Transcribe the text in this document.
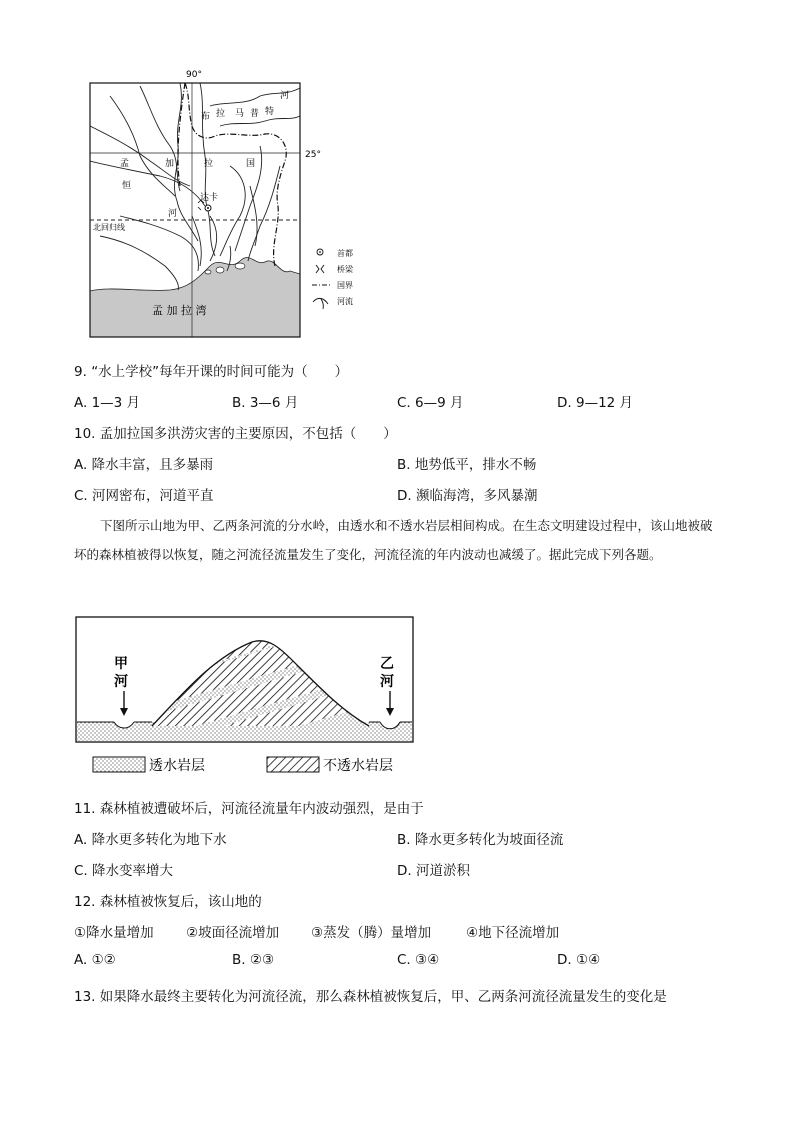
90°
25°
布 拉 马 普 特
河
孟	加	拉	国
恒
河
达卡
北回归线
孟 加 拉 湾
首都
桥梁
国界
河流
9. “水上学校”每年开课的时间可能为（　　）
A. 1—3 月	B. 3—6 月	C. 6—9 月	D. 9—12 月
10. 孟加拉国多洪涝灾害的主要原因，不包括（　　）
A. 降水丰富，且多暴雨	B. 地势低平，排水不畅
C. 河网密布，河道平直	D. 濒临海湾，多风暴潮
下图所示山地为甲、乙两条河流的分水岭，由透水和不透水岩层相间构成。在生态文明建设过程中，该山地被破坏的森林植被得以恢复，随之河流径流量发生了变化，河流径流的年内波动也减缓了。据此完成下列各题。
甲
河
乙
河
透水岩层	不透水岩层
11. 森林植被遭破坏后，河流径流量年内波动强烈，是由于
A. 降水更多转化为地下水	B. 降水更多转化为坡面径流
C. 降水变率增大	D. 河道淤积
12. 森林植被恢复后，该山地的
①降水量增加 ②坡面径流增加 ③蒸发（腾）量增加	④地下径流增加
A. ①②	B. ②③	C. ③④	D. ①④
13. 如果降水最终主要转化为河流径流，那么森林植被恢复后，甲、乙两条河流径流量发生的变化是
